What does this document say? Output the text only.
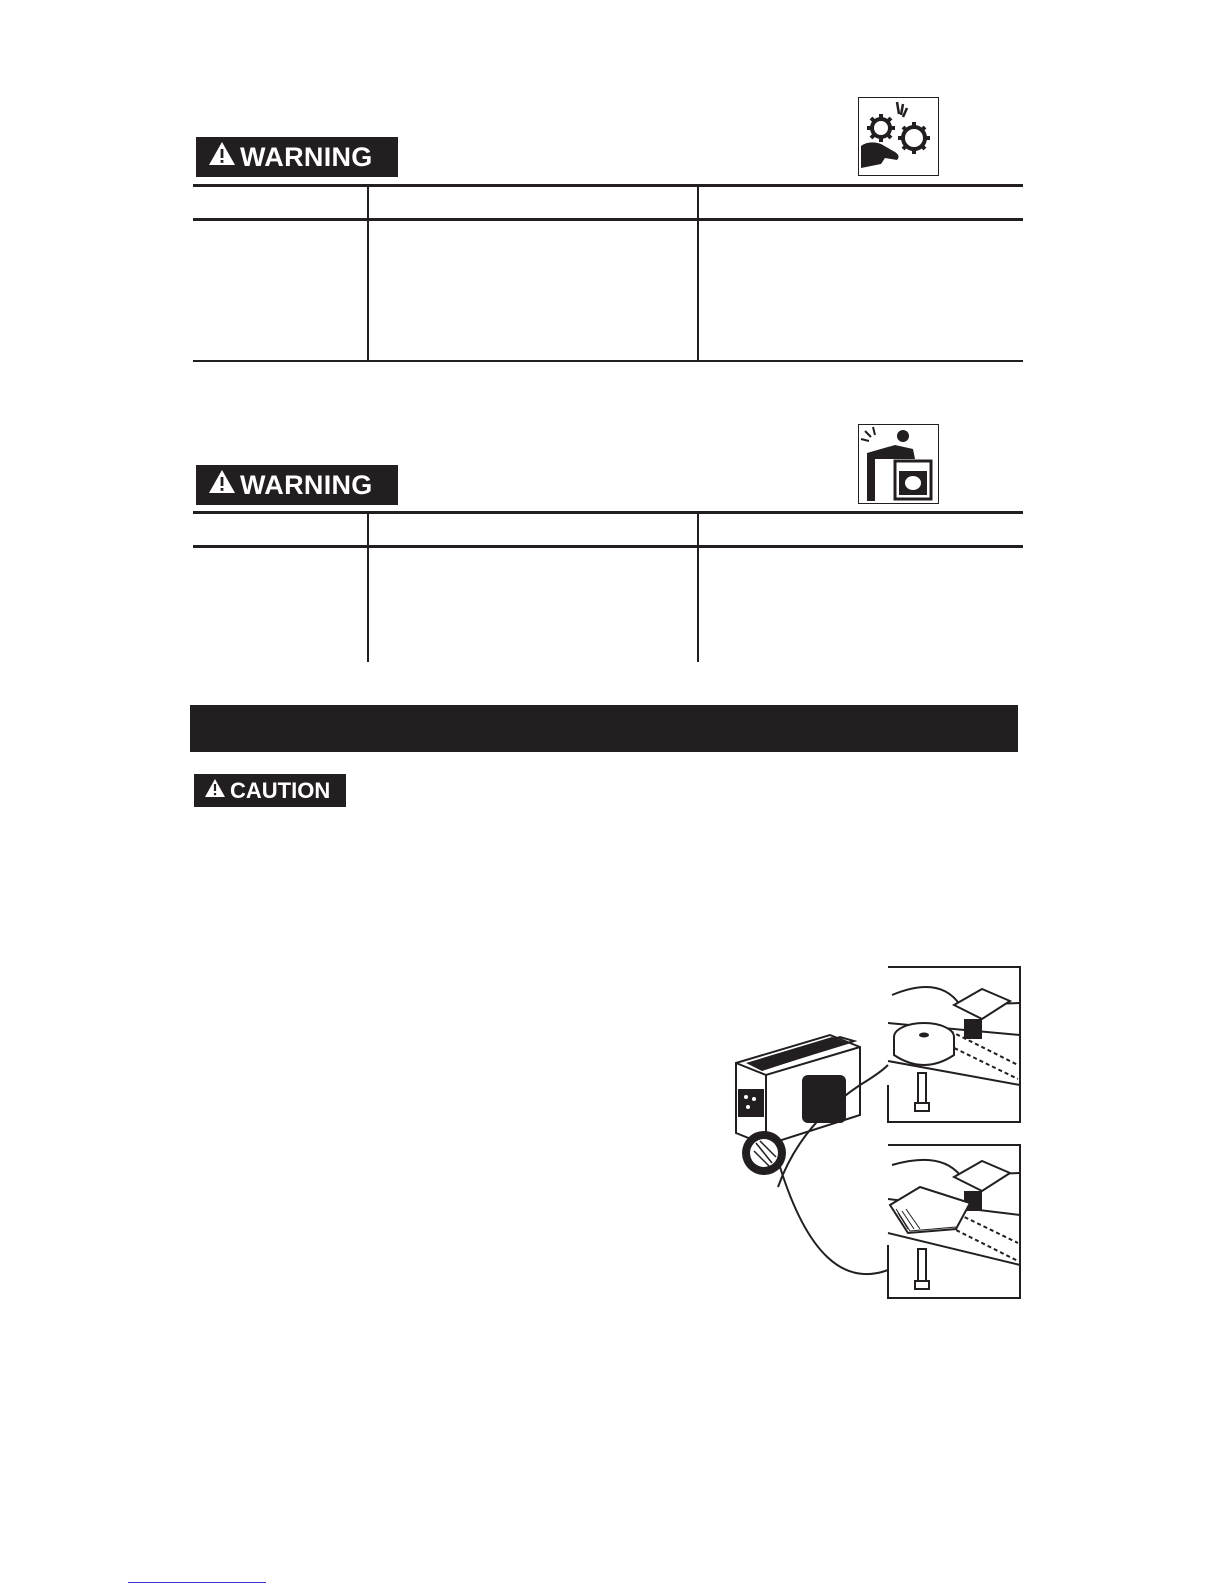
WARNING
WARNING
CAUTION
